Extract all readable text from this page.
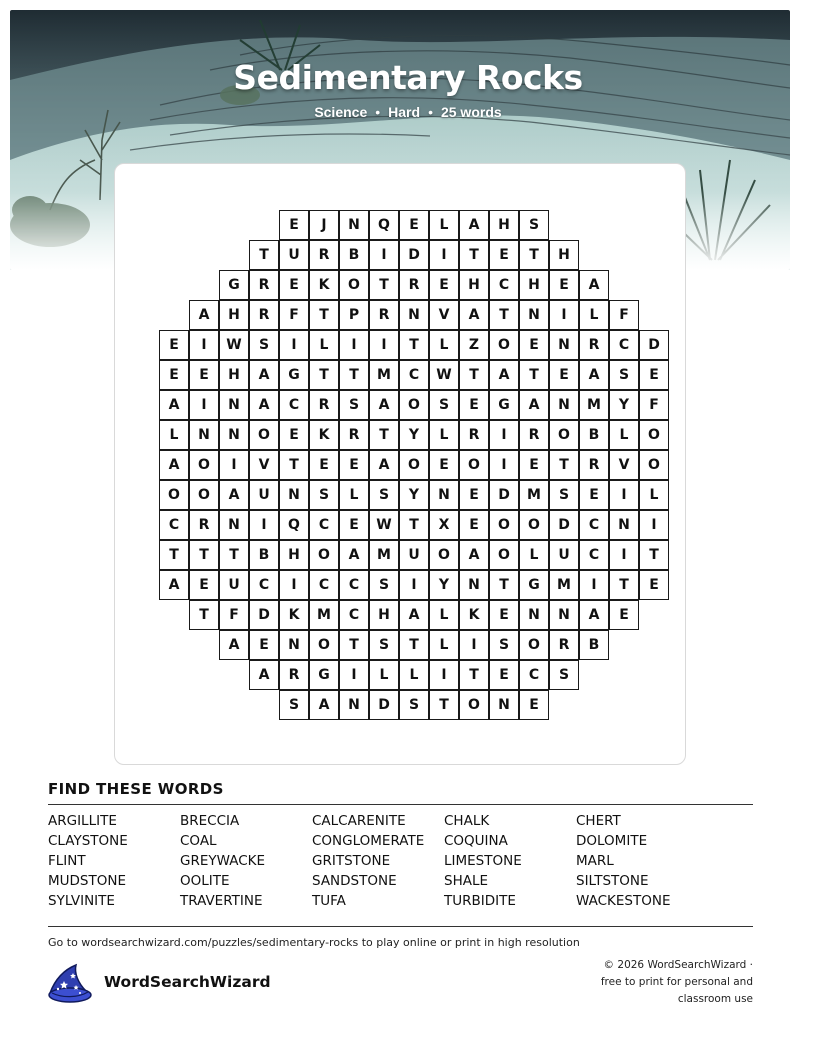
Sedimentary Rocks
Science • Hard • 25 words
E	J	N	Q	E	L	A	H	S
T	U	R	B	I	D	I	T	E	T	H
G	R	E	K	O	T	R	E	H	C	H	E	A
A	H	R	F	T	P	R	N	V	A	T	N	I	L	F
E	I	W	S	I	L	I	I	T	L	Z	O	E	N	R	C	D
E	E	H	A	G	T	T	M	C	W	T	A	T	E	A	S	E
A	I	N	A	C	R	S	A	O	S	E	G	A	N	M	Y	F
L	N	N	O	E	K	R	T	Y	L	R	I	R	O	B	L	O
A	O	I	V	T	E	E	A	O	E	O	I	E	T	R	V	O
O	O	A	U	N	S	L	S	Y	N	E	D	M	S	E	I	L
C	R	N	I	Q	C	E	W	T	X	E	O	O	D	C	N	I
T	T	T	B	H	O	A	M	U	O	A	O	L	U	C	I	T
A	E	U	C	I	C	C	S	I	Y	N	T	G	M	I	T	E
T	F	D	K	M	C	H	A	L	K	E	N	N	A	E
A	E	N	O	T	S	T	L	I	S	O	R	B
A	R	G	I	L	L	I	T	E	C	S
S	A	N	D	S	T	O	N	E
FIND THESE WORDS
ARGILLITE
CLAYSTONE
FLINT
MUDSTONE
SYLVINITE
BRECCIA
COAL
GREYWACKE
OOLITE
TRAVERTINE
CALCARENITE
CONGLOMERATE
GRITSTONE
SANDSTONE
TUFA
CHALK
COQUINA
LIMESTONE
SHALE
TURBIDITE
CHERT
DOLOMITE
MARL
SILTSTONE
WACKESTONE
Go to wordsearchwizard.com/puzzles/sedimentary-rocks to play online or print in high resolution
WordSearchWizard
© 2026 WordSearchWizard ·
free to print for personal and
classroom use
